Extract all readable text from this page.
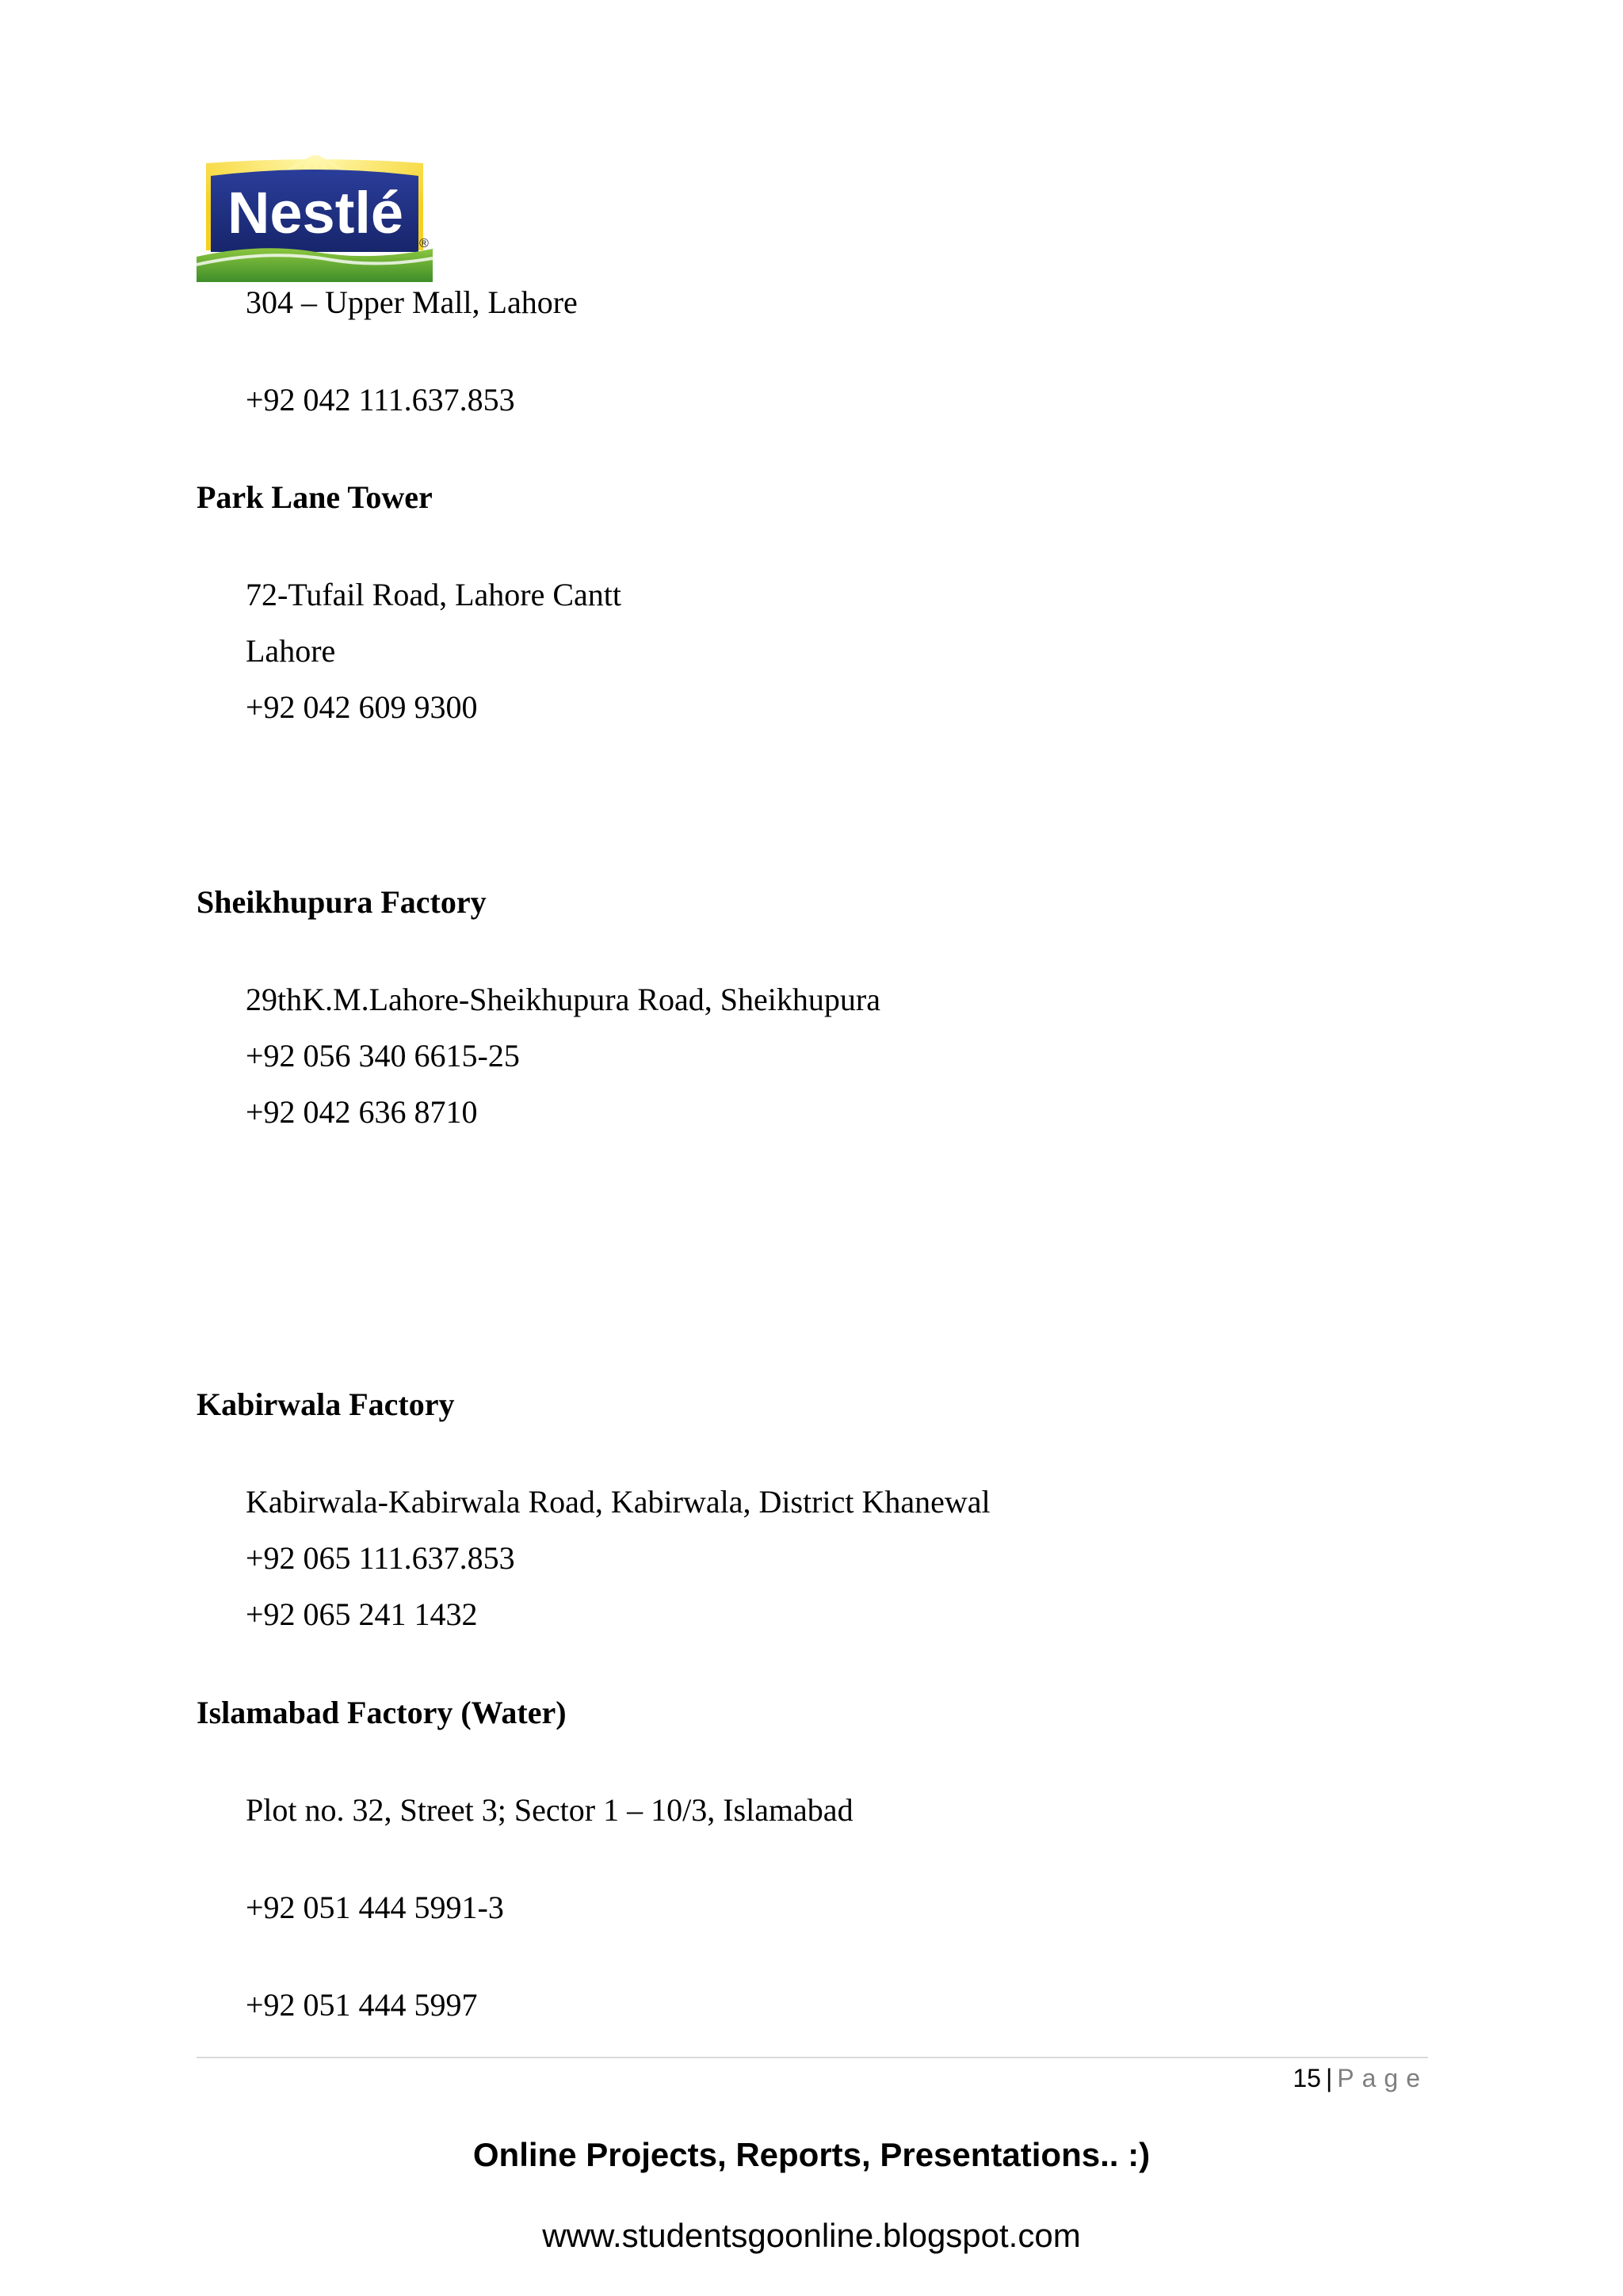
Nestlé ®
304 – Upper Mall, Lahore
+92 042 111.637.853
Park Lane Tower
72-Tufail Road, Lahore Cantt
Lahore
+92 042 609 9300
Sheikhupura Factory
29thK.M.Lahore-Sheikhupura Road, Sheikhupura
+92 056 340 6615-25
+92 042 636 8710
Kabirwala Factory
Kabirwala-Kabirwala Road, Kabirwala, District Khanewal
+92 065 111.637.853
+92 065 241 1432
Islamabad Factory (Water)
Plot no. 32, Street 3; Sector 1 – 10/3, Islamabad
+92 051 444 5991-3
+92 051 444 5997
15 | Page
Online Projects, Reports, Presentations.. :)
www.studentsgoonline.blogspot.com
